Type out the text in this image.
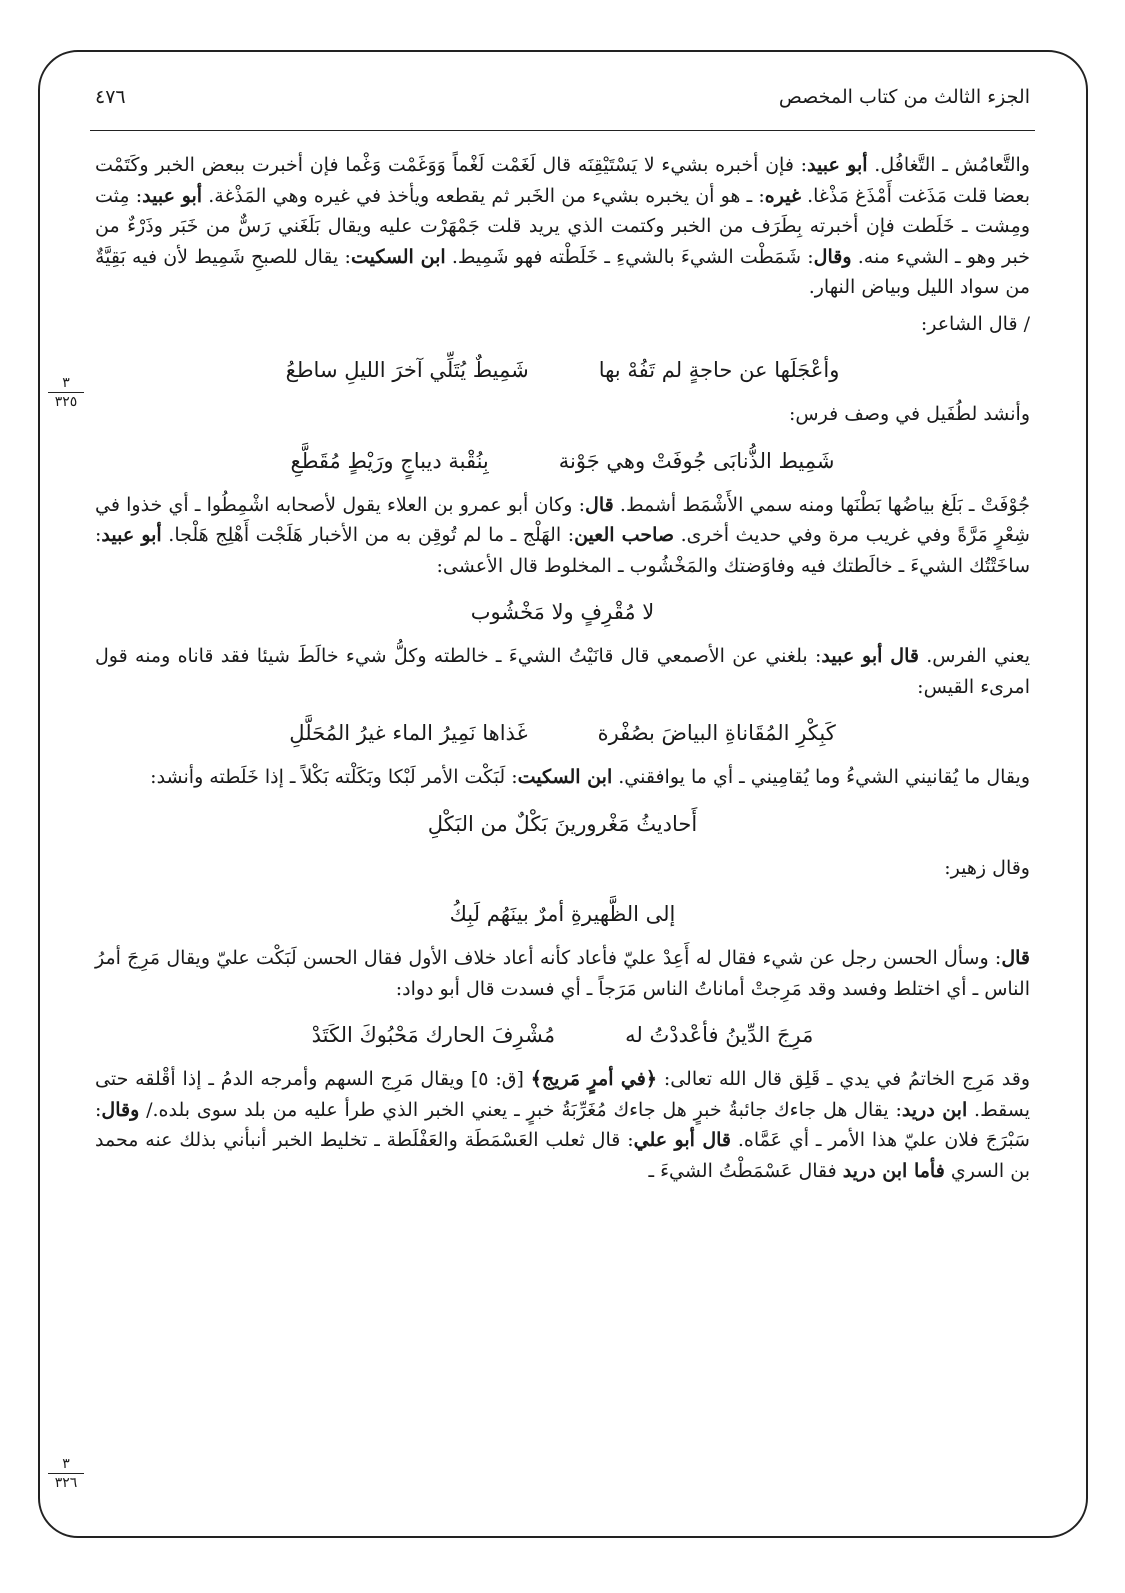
الجزء الثالث من كتاب المخصص
٤٧٦
٣
٣٢٥
٣
٣٢٦

والتَّعامُش ـ التَّغافُل. أبو عبيد: فإن أخبره بشيء لا يَسْتَيْقِنَه قال لَغَمْت لَغْماً وَوَغَمْت وَغْما فإن أخبرت ببعض الخبر وكَتَمْت بعضا قلت مَذَغت أَمْذَغ مَذْغا. غيره: ـ هو أن يخبره بشيء من الخَبر ثم يقطعه ويأخذ في غيره وهي المَذْغة. أبو عبيد: مِثت ومِشت ـ خَلَطت فإن أخبرته بِطَرَف من الخبر وكتمت الذي يريد قلت جَمْهَرْت عليه ويقال بَلَغَني رَسٌّ من خَبَر وذَرْءٌ من خبر وهو ـ الشيء منه. وقال: شَمَطْت الشيءَ بالشيءِ ـ خَلَطْته فهو شَمِيط. ابن السكيت: يقال للصبحِ شَمِيط لأن فيه بَقِيَّةٌ من سواد الليل وبياض النهار.

/ قال الشاعر:

وأعْجَلَها عن حاجةٍ لم تَفُهْ بها
شَمِيطٌ يُتَلِّي آخرَ الليلِ ساطعُ

وأنشد لطُفَيل في وصف فرس:

شَمِيط الذُّنابَى جُوفَتْ وهي جَوْنة
بِنُقْبة ديباجٍ ورَيْطٍ مُقَطَّعِ

جُوْفَتْ ـ بَلَغ بياضُها بَطْنَها ومنه سمي الأَشْمَط أشمط. قال: وكان أبو عمرو بن العلاء يقول لأصحابه اشْمِطُوا ـ أي خذوا في شِعْرٍ مَرَّةً وفي غريب مرة وفي حديث أخرى. صاحب العين: الهَلْج ـ ما لم تُوقِن به من الأخبار هَلَجْت أَهْلِج هَلْجا. أبو عبيد: ساخَتْتُك الشيءَ ـ خالَطتك فيه وفاوَضتك والمَخْشُوب ـ المخلوط قال الأعشى:

لا مُقْرِفٍ ولا مَخْشُوب

يعني الفرس. قال أبو عبيد: بلغني عن الأصمعي قال قانَيْتُ الشيءَ ـ خالطته وكلُّ شيء خالَطَ شيئا فقد قاناه ومنه قول امرىء القيس:

كَبِكْرِ المُقَاناةِ البياضَ بصُفْرة
غَذاها نَمِيرُ الماء غيرُ المُحَلَّلِ

ويقال ما يُقانيني الشيءُ وما يُقامِيني ـ أي ما يوافقني. ابن السكيت: لَبَكْت الأمر لَبْكا وبَكَلْته بَكْلاً ـ إذا خَلَطته وأنشد:

أَحاديثُ مَغْرورينَ بَكْلٌ من البَكْلِ

وقال زهير:

إلى الظَّهيرةِ أمرٌ بينَهُم لَبِكُ

قال: وسأل الحسن رجل عن شيء فقال له أَعِدْ عليّ فأعاد كأنه أعاد خلاف الأول فقال الحسن لَبَكْت عليّ ويقال مَرِجَ أمرُ الناس ـ أي اختلط وفسد وقد مَرِجتْ أماناتُ الناس مَرَجاً ـ أي فسدت قال أبو دواد:

مَرِجَ الدِّينُ فأعْددْتُ له
مُشْرِفَ الحارك مَحْبُوكَ الكَتَدْ

وقد مَرِج الخاتمُ في يدي ـ قَلِق قال الله تعالى: ﴿في أمرٍ مَريج﴾ [ق: ٥] ويقال مَرِج السهم وأمرجه الدمُ ـ إذا أقْلقه حتى يسقط. ابن دريد: يقال هل جاءك جائبةُ خبرٍ هل جاءك مُغَرِّبَةُ خبرٍ ـ يعني الخبر الذي طرأ عليه من بلد سوى بلده./ وقال: سَبْرَجَ فلان عليّ هذا الأمر ـ أي عَمَّاه. قال أبو علي: قال ثعلب العَسْمَطَة والعَفْلَطة ـ تخليط الخبر أنبأني بذلك عنه محمد بن السري فأما ابن دريد فقال عَسْمَطْتُ الشيءَ ـ
